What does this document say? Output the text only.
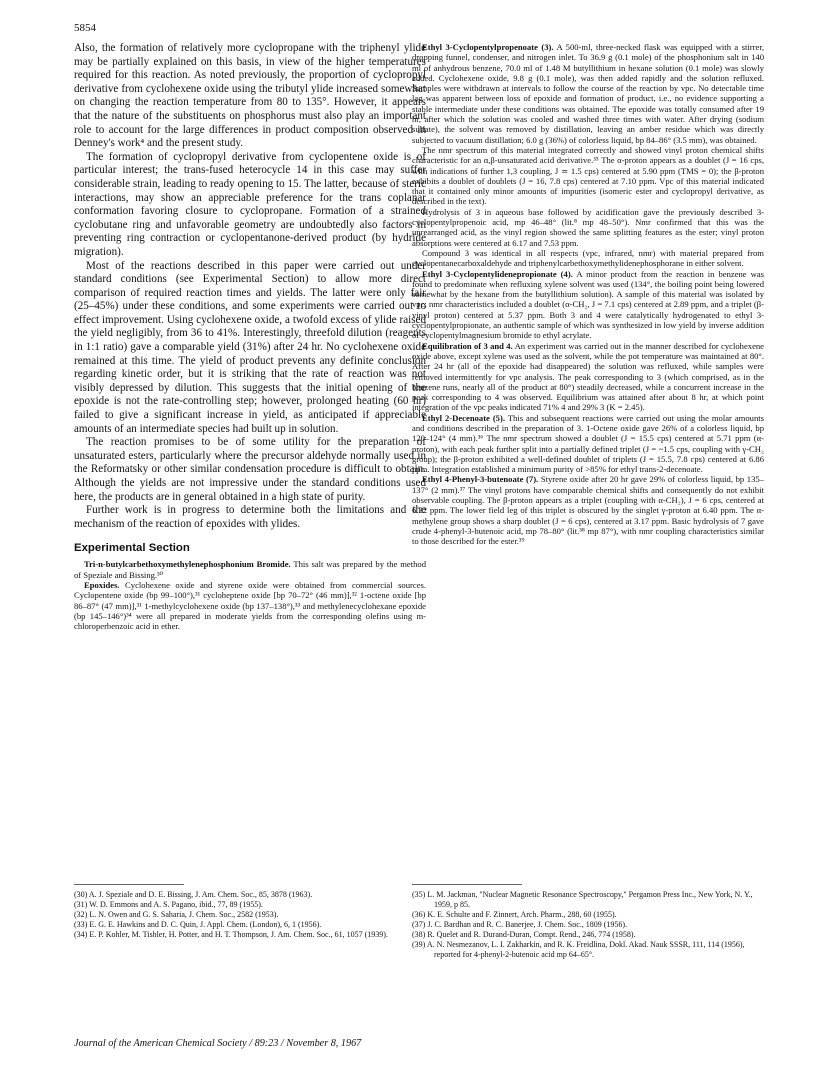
5854

Also, the formation of relatively more cyclopropane with the triphenyl ylide may be partially explained on this basis, in view of the higher temperatures required for this reaction. As noted previously, the proportion of cyclopropyl derivative from cyclohexene oxide using the tributyl ylide increased somewhat on changing the reaction temperature from 80 to 135°. However, it appears that the nature of the substituents on phosphorus must also play an important role to account for the large differences in product composition observed in Denney's work⁴ and the present study.

The formation of cyclopropyl derivative from cyclopentene oxide is of particular interest; the trans-fused heterocycle 14 in this case may suffer considerable strain, leading to ready opening to 15. The latter, because of steric interactions, may show an appreciable preference for the trans coplanar conformation favoring closure to cyclopropane. Formation of a strained cyclobutane ring and unfavorable geometry are undoubtedly also factors in preventing ring contraction or cyclopentanone-derived product (by hydride migration).

Most of the reactions described in this paper were carried out under standard conditions (see Experimental Section) to allow more direct comparison of required reaction times and yields. The latter were only fair (25–45%) under these conditions, and some experiments were carried out to effect improvement. Using cyclohexene oxide, a twofold excess of ylide raised the yield negligibly, from 36 to 41%. Interestingly, threefold dilution (reagents in 1:1 ratio) gave a comparable yield (31%) after 24 hr. No cyclohexene oxide remained at this time. The yield of product prevents any definite conclusion regarding kinetic order, but it is striking that the rate of reaction was not visibly depressed by dilution. This suggests that the initial opening of the epoxide is not the rate-controlling step; however, prolonged heating (60 hr) failed to give a significant increase in yield, as anticipated if appreciable amounts of an intermediate species had built up in solution.

The reaction promises to be of some utility for the preparation of unsaturated esters, particularly where the precursor aldehyde normally used in the Reformatsky or other similar condensation procedure is difficult to obtain. Although the yields are not impressive under the standard conditions used here, the products are in general obtained in a high state of purity.

Further work is in progress to determine both the limitations and the mechanism of the reaction of epoxides with ylides.

Experimental Section

Tri-n-butylcarbethoxymethylenephosphonium Bromide. This salt was prepared by the method of Speziale and Bissing.³⁰

Epoxides. Cyclohexene oxide and styrene oxide were obtained from commercial sources. Cyclopentene oxide (bp 99–100°),³¹ cycloheptene oxide [bp 70–72° (46 mm)],³² 1-octene oxide [bp 86–87° (47 mm)],³¹ 1-methylcyclohexene oxide (bp 137–138°),³³ and methylenecyclohexane epoxide (bp 145–146°)³⁴ were all prepared in moderate yields from the corresponding olefins using m-chloroperbenzoic acid in ether.

Ethyl 3-Cyclopentylpropenoate (3). A 500-ml, three-necked flask was equipped with a stirrer, dropping funnel, condenser, and nitrogen inlet. To 36.9 g (0.1 mole) of the phosphonium salt in 140 ml of anhydrous benzene, 70.0 ml of 1.48 M butyllithium in hexane solution (0.1 mole) was slowly added. Cyclohexene oxide, 9.8 g (0.1 mole), was then added rapidly and the solution refluxed. Samples were withdrawn at intervals to follow the course of the reaction by vpc. No detectable time lag was apparent between loss of epoxide and formation of product, i.e., no evidence supporting a stable intermediate under these conditions was obtained. The epoxide was totally consumed after 19 hr, after which the solution was cooled and washed three times with water. After drying (sodium sulfate), the solvent was removed by distillation, leaving an amber residue which was directly subjected to vacuum distillation; 6.0 g (36%) of colorless liquid, bp 84–86° (3.5 mm), was obtained.

The nmr spectrum of this material integrated correctly and showed vinyl proton chemical shifts characteristic for an α,β-unsaturated acid derivative.³⁵ The α-proton appears as a doublet (J = 16 cps, with indications of further 1,3 coupling, J ≃ 1.5 cps) centered at 5.90 ppm (TMS = 0); the β-proton exhibits a doublet of doublets (J = 16, 7.8 cps) centered at 7.10 ppm. Vpc of this material indicated that it contained only minor amounts of impurities (isomeric ester and cyclopropyl derivative, as described in the text).

Hydrolysis of 3 in aqueous base followed by acidification gave the previously described 3-cyclopentylpropenoic acid, mp 46–48° (lit.⁸ mp 48–50°). Nmr confirmed that this was the unrearranged acid, as the vinyl region showed the same splitting features as the ester; vinyl proton absorptions were centered at 6.17 and 7.53 ppm.

Compound 3 was identical in all respects (vpc, infrared, nmr) with material prepared from cyclopentanecarboxaldehyde and triphenylcarbethoxymethylidenephosphorane in either solvent.

Ethyl 3-Cyclopentylidenepropionate (4). A minor product from the reaction in benzene was found to predominate when refluxing xylene solvent was used (134°, the boiling point being lowered somewhat by the hexane from the butyllithium solution). A sample of this material was isolated by vpc; nmr characteristics included a doublet (α-CH₂, J = 7.1 cps) centered at 2.89 ppm, and a triplet (β-vinyl proton) centered at 5.37 ppm. Both 3 and 4 were catalytically hydrogenated to ethyl 3-cyclopentylpropionate, an authentic sample of which was synthesized in low yield by inverse addition of cyclopentylmagnesium bromide to ethyl acrylate.

Equilibration of 3 and 4. An experiment was carried out in the manner described for cyclohexene oxide above, except xylene was used as the solvent, while the pot temperature was maintained at 80°. After 24 hr (all of the epoxide had disappeared) the solution was refluxed, while samples were removed intermittently for vpc analysis. The peak corresponding to 3 (which comprised, as in the benzene runs, nearly all of the product at 80°) steadily decreased, while a concurrent increase in the peak corresponding to 4 was observed. Equilibrium was attained after about 8 hr, at which point integration of the vpc peaks indicated 71% 4 and 29% 3 (K = 2.45).

Ethyl 2-Decenoate (5). This and subsequent reactions were carried out using the molar amounts and conditions described in the preparation of 3. 1-Octene oxide gave 26% of a colorless liquid, bp 120–124° (4 mm).³⁶ The nmr spectrum showed a doublet (J = 15.5 cps) centered at 5.71 ppm (α-proton), with each peak further split into a partially defined triplet (J = ~1.5 cps, coupling with γ-CH₂ group); the β-proton exhibited a well-defined doublet of triplets (J = 15.5, 7.8 cps) centered at 6.86 ppm. Integration established a minimum purity of >85% for ethyl trans-2-decenoate.

Ethyl 4-Phenyl-3-butenoate (7). Styrene oxide after 20 hr gave 29% of colorless liquid, bp 135–137° (2 mm).³⁷ The vinyl protons have comparable chemical shifts and consequently do not exhibit observable coupling. The β-proton appears as a triplet (coupling with α-CH₂), J = 6 cps, centered at 6.32 ppm. The lower field leg of this triplet is obscured by the singlet γ-proton at 6.40 ppm. The α-methylene group shows a sharp doublet (J = 6 cps), centered at 3.17 ppm. Basic hydrolysis of 7 gave crude 4-phenyl-3-butenoic acid, mp 78–80° (lit.³⁸ mp 87°), with nmr coupling characteristics similar to those described for the ester.³⁹

(30) A. J. Speziale and D. E. Bissing, J. Am. Chem. Soc., 85, 3878 (1963).

(31) W. D. Emmons and A. S. Pagano, ibid., 77, 89 (1955).

(32) L. N. Owen and G. S. Saharia, J. Chem. Soc., 2582 (1953).

(33) E. G. E. Hawkins and D. C. Quin, J. Appl. Chem. (London), 6, 1 (1956).

(34) E. P. Kohler, M. Tishler, H. Potter, and H. T. Thompson, J. Am. Chem. Soc., 61, 1057 (1939).

(35) L. M. Jackman, "Nuclear Magnetic Resonance Spectroscopy," Pergamon Press Inc., New York, N. Y., 1959, p 85.

(36) K. E. Schulte and F. Zinnert, Arch. Pharm., 288, 60 (1955).

(37) J. C. Bardhan and R. C. Banerjee, J. Chem. Soc., 1809 (1956).

(38) R. Quelet and R. Durand-Duran, Compt. Rend., 246, 774 (1958).

(39) A. N. Nesmezanov, L. I. Zakharkin, and R. K. Freidlina, Dokl. Akad. Nauk SSSR, 111, 114 (1956), reported for 4-phenyl-2-butenoic acid mp 64–65°.

Journal of the American Chemical Society / 89:23 / November 8, 1967
